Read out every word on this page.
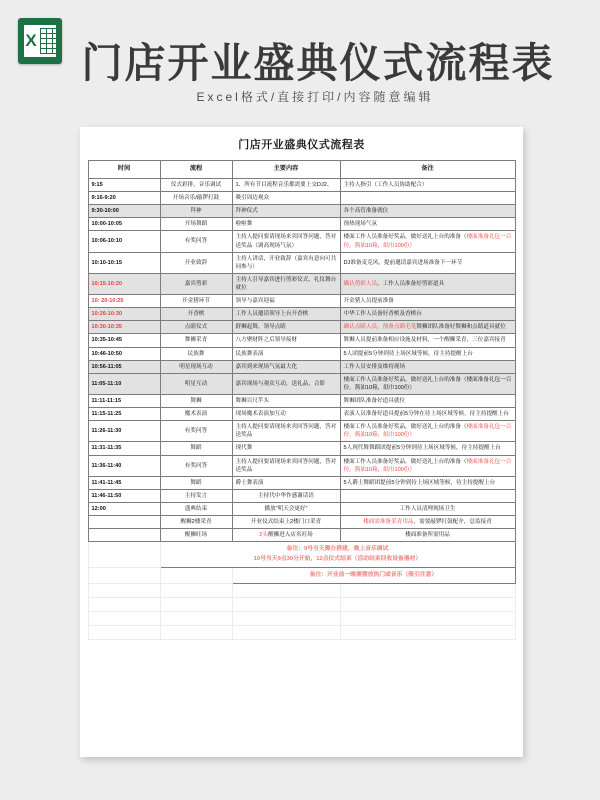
X	门店开业盛典仪式流程表
Excel格式/直接打印/内容随意编辑
门店开业盛典仪式流程表
时间	流程	主要内容	备注
9:15	仪式彩排，音乐调试	1、所有节目流程音乐都需要上交DJ2、	主持人指引（工作人员协助配合）
9:16-9:20	开场音乐/敲锣打鼓	吸引周边观众	
9:30-10:00	拜神	拜神仪式	各个高管准备就位
10:00-10:05	开场舞蹈	啦啦舞	预热现场气氛
10:06-10:10	有奖问答	主持人提问要请现场来宾回答问题，答对送奖品（调高现场气氛）	楼面工作人员准备好奖品，做好送礼上台的准备（楼面准备礼包一百份，酱油10箱，纸巾100份）
10:10-10:15	开业致辞	主持人讲话，开业致辞（嘉宾有意向可共同参与）	DJ准备麦克风，提前邀请嘉宾进场准备下一环节
10:15-10:20	嘉宾剪彩	主持人引导嘉宾进行剪彩仪式、礼仪舞台就位	确认剪彩人员，工作人员准备好剪彩道具
10: 20-10:25	开金猪环节	领导与嘉宾迎福	开金猪人员提前准备
10:26-10:30	开香槟	工作人员邀请领导上台开香槟	中华工作人员备好香槟及香槟台
10:30-10:35	点睛仪式	群狮起舞，领导点睛	确认点睛人员，预备点睛毛笔舞狮团队准备好舞狮和点睛道具就位
10:35-10:45	舞狮采青	八方聚财阵之后领导接财	舞狮人员提前准备相应设施及材料，一个醒狮采青，三位嘉宾接青
10:46-10:50	民族舞	民族舞表演	5人团提前5分钟到待上场区域等候，待主持提醒上台
10:56-11:05	明星现场互动	嘉宾到来现场气氛最大化	工作人员安排及维持现场
11:05-11:10	明星互动	嘉宾现场与观众互动，送礼品，合影	楼面工作人员准备好奖品，做好送礼上台的准备（楼面准备礼包一百份，酱油10箱，纸巾100份）
11:11-11:15	舞狮	舞狮百尺竿头	舞狮团队准备好道具就位
11:15-11:25	魔术表演	现场魔术表演加互动	表演人员准备好道具提前5分钟在待上场区域等候，待主持提醒上台
11:26-11:30	有奖问答	主持人提问要请现场来宾回答问题，答对送奖品	楼面工作人员准备好奖品，做好送礼上台的准备（楼面准备礼包一百份，酱油10箱，纸巾100份）
11:31-11:35	舞蹈	现代舞	5人现代舞舞蹈团提前5分钟到待上场区域等候，待主持提醒上台
11:36-11:40	有奖问答	主持人提问要请现场来宾回答问题，答对送奖品	楼面工作人员准备好奖品，做好送礼上台的准备（楼面准备礼包一百份，酱油10箱，纸巾100份）
11:41-11:45	舞蹈	爵士舞表演	5人爵士舞蹈团提前5分钟到待上场区域等候，待主持提醒上台
11:46-11:50	主持发言	主持代中华作感谢话语	
12:00	盛典结束	播放“明天会更好”	工作人员清理现场卫生
	醒狮2楼采青	开业仪式结束上2楼门口采青	楼面需准备采青用品，需要敲锣打鼓配介，总监接青
	醒狮旺场	2头醒狮进入店名旺场	楼面准备所需用品

	备注：9号当天舞台搭建，晚上音乐调试
10号当天9点30分开始，12点仪式结束（活动结束回收设备器材）		

		备注：开业前一晚需摆放热门或音乐（吸引注意）	
